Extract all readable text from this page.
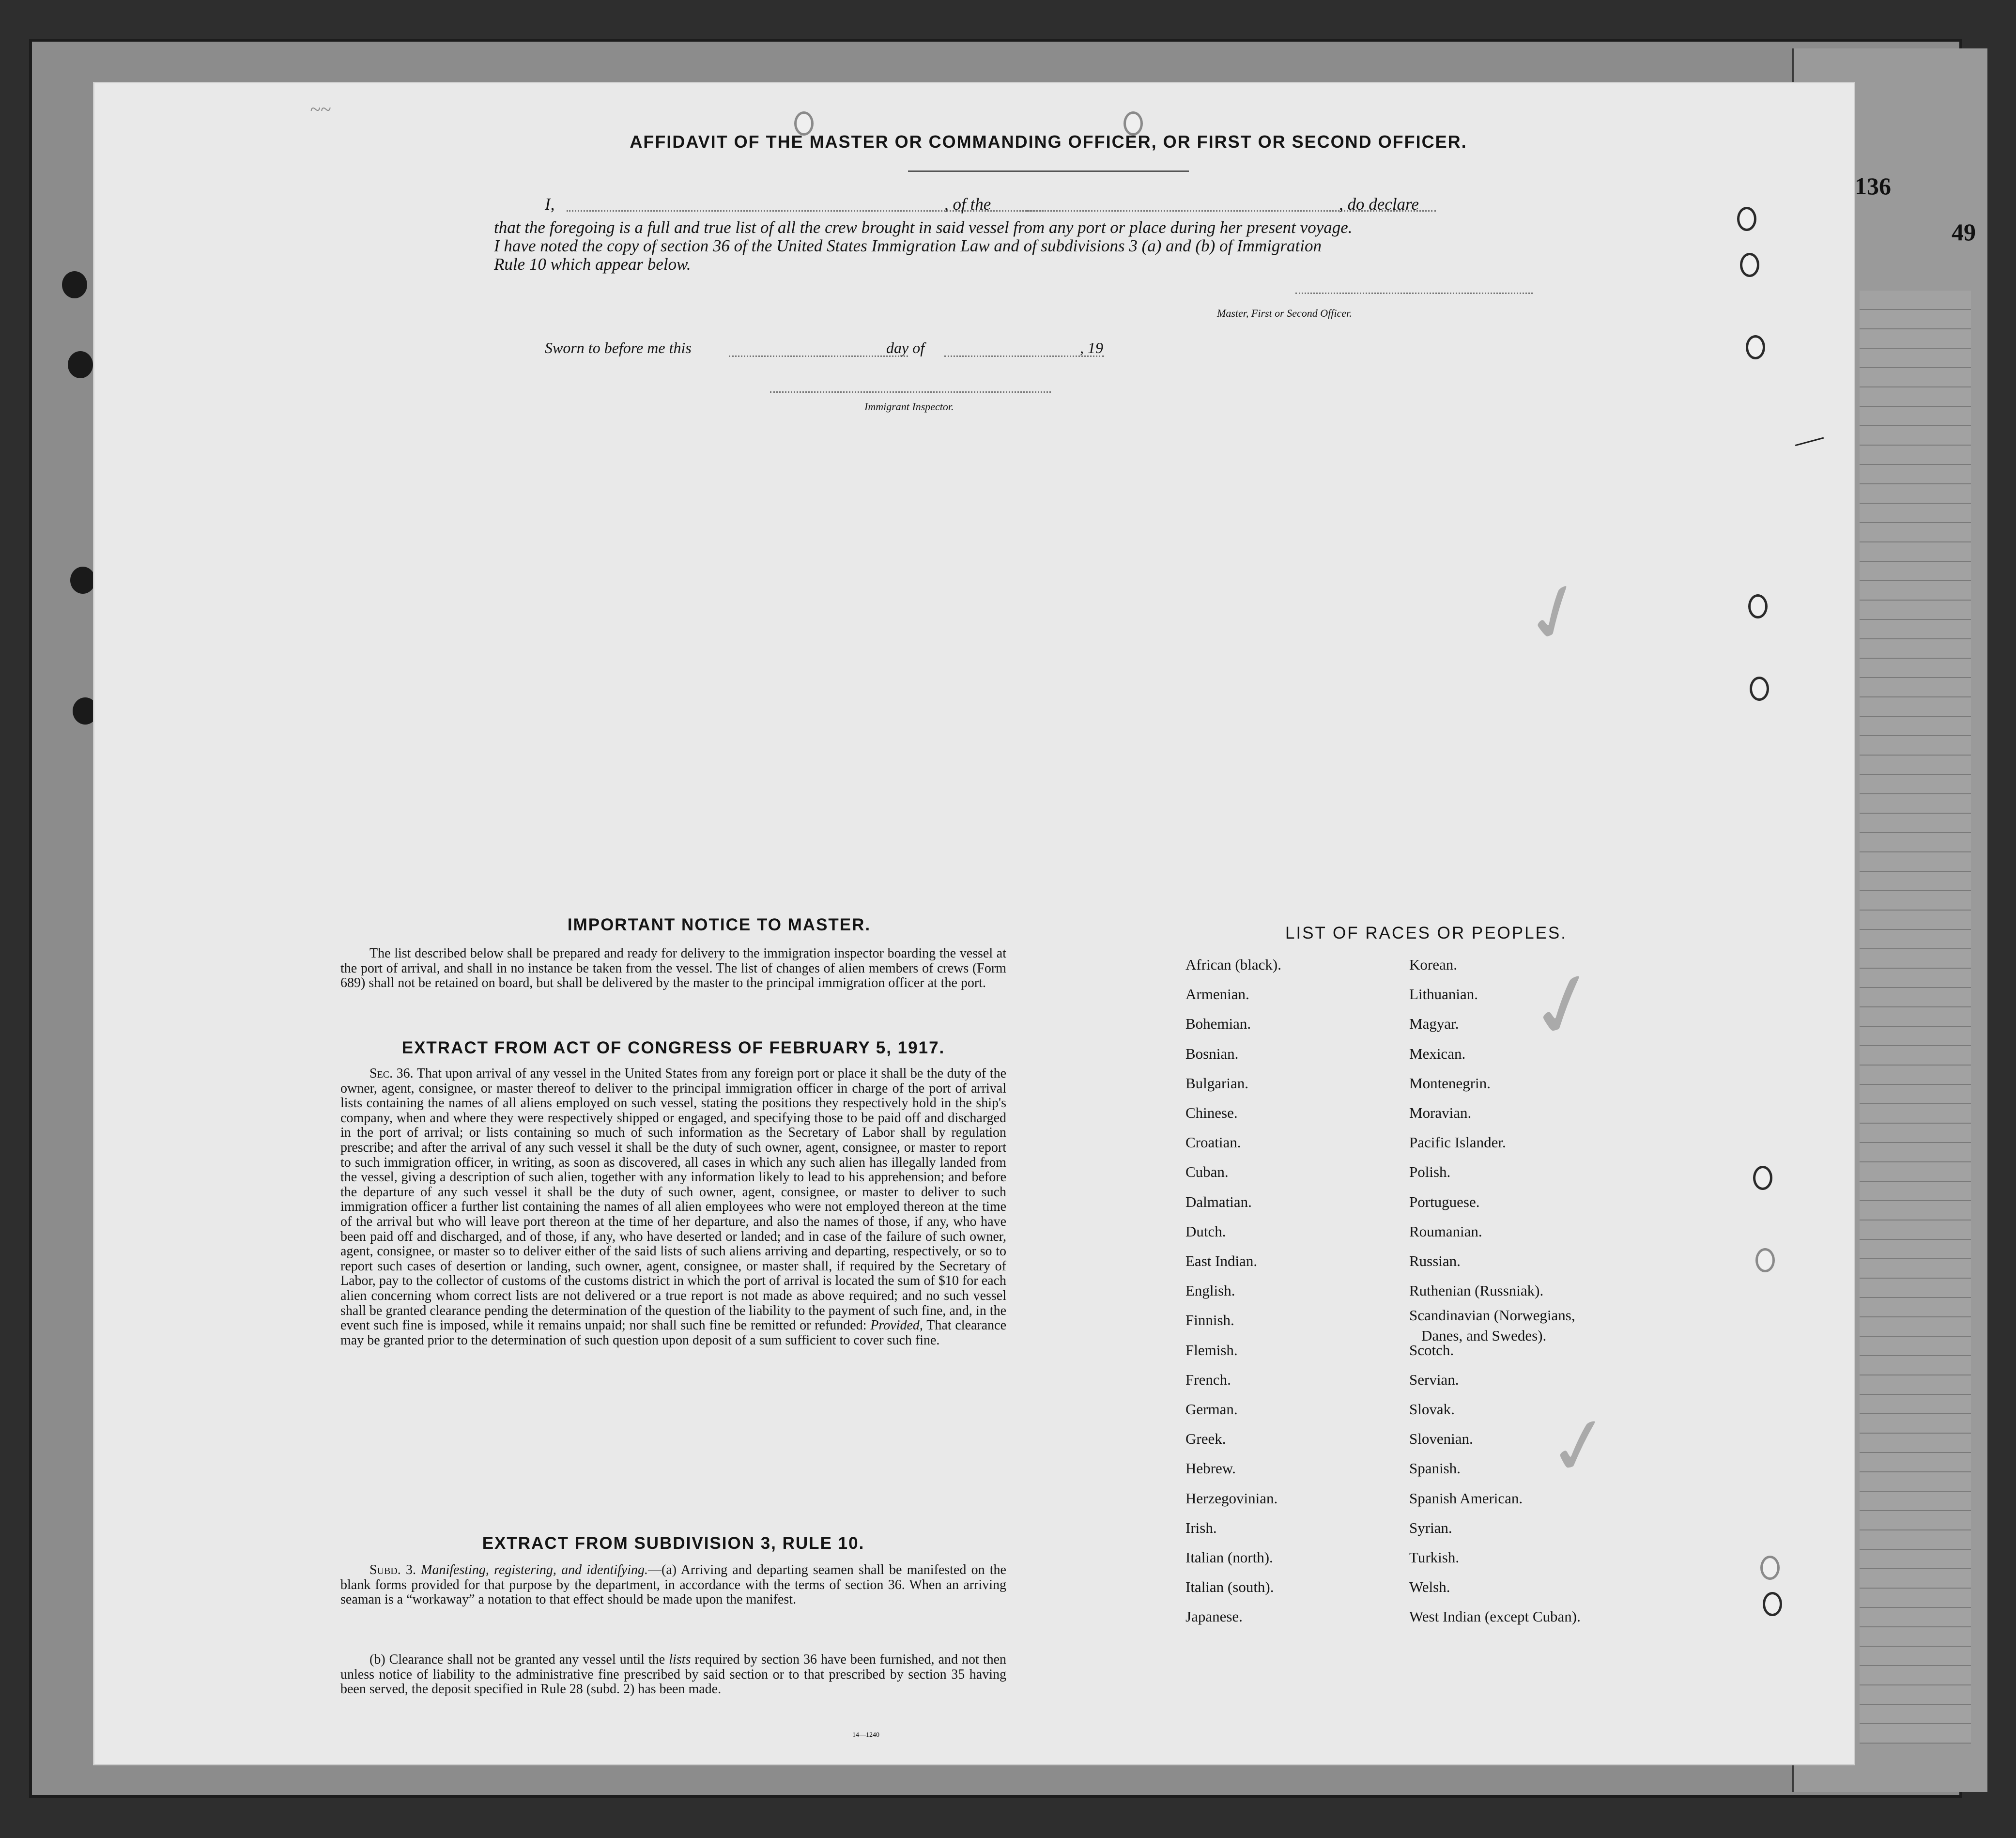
136
49
~~
✓
✓
✓
—
AFFIDAVIT OF THE MASTER OR COMMANDING OFFICER, OR FIRST OR SECOND OFFICER.
I,	, of the	, do declare
that the foregoing is a full and true list of all the crew brought in said vessel from any port or place during her present voyage.
I have noted the copy of section 36 of the United States Immigration Law and of subdivisions 3 (a) and (b) of Immigration
Rule 10 which appear below.
Master, First or Second Officer.
Sworn to before me this	day of	, 19
Immigrant Inspector.
IMPORTANT NOTICE TO MASTER.
The list described below shall be prepared and ready for delivery to the immigration inspector boarding the vessel at the port of arrival, and shall in no instance be taken from the vessel. The list of changes of alien members of crews (Form 689) shall not be retained on board, but shall be delivered by the master to the principal immigration officer at the port.
EXTRACT FROM ACT OF CONGRESS OF FEBRUARY 5, 1917.
Sec. 36. That upon arrival of any vessel in the United States from any foreign port or place it shall be the duty of the owner, agent, consignee, or master thereof to deliver to the principal immigration officer in charge of the port of arrival lists containing the names of all aliens employed on such vessel, stating the positions they respectively hold in the ship's company, when and where they were respectively shipped or engaged, and specifying those to be paid off and discharged in the port of arrival; or lists containing so much of such information as the Secretary of Labor shall by regulation prescribe; and after the arrival of any such vessel it shall be the duty of such owner, agent, consignee, or master to report to such immigration officer, in writing, as soon as discovered, all cases in which any such alien has illegally landed from the vessel, giving a description of such alien, together with any information likely to lead to his apprehension; and before the departure of any such vessel it shall be the duty of such owner, agent, consignee, or master to deliver to such immigration officer a further list containing the names of all alien employees who were not employed thereon at the time of the arrival but who will leave port thereon at the time of her departure, and also the names of those, if any, who have been paid off and discharged, and of those, if any, who have deserted or landed; and in case of the failure of such owner, agent, consignee, or master so to deliver either of the said lists of such aliens arriving and departing, respectively, or so to report such cases of desertion or landing, such owner, agent, consignee, or master shall, if required by the Secretary of Labor, pay to the collector of customs of the customs district in which the port of arrival is located the sum of $10 for each alien concerning whom correct lists are not delivered or a true report is not made as above required; and no such vessel shall be granted clearance pending the determination of the question of the liability to the payment of such fine, and, in the event such fine is imposed, while it remains unpaid; nor shall such fine be remitted or refunded: Provided, That clearance may be granted prior to the determination of such question upon deposit of a sum sufficient to cover such fine.
EXTRACT FROM SUBDIVISION 3, RULE 10.
Subd. 3. Manifesting, registering, and identifying.—(a) Arriving and departing seamen shall be manifested on the blank forms provided for that purpose by the department, in accordance with the terms of section 36. When an arriving seaman is a “workaway” a notation to that effect should be made upon the manifest.
(b) Clearance shall not be granted any vessel until the lists required by section 36 have been furnished, and not then unless notice of liability to the administrative fine prescribed by said section or to that prescribed by section 35 having been served, the deposit specified in Rule 28 (subd. 2) has been made.
14—1240
LIST OF RACES OR PEOPLES.
African (black).
Armenian.
Bohemian.
Bosnian.
Bulgarian.
Chinese.
Croatian.
Cuban.
Dalmatian.
Dutch.
East Indian.
English.
Finnish.
Flemish.
French.
German.
Greek.
Hebrew.
Herzegovinian.
Irish.
Italian (north).
Italian (south).
Japanese.
Korean.
Lithuanian.
Magyar.
Mexican.
Montenegrin.
Moravian.
Pacific Islander.
Polish.
Portuguese.
Roumanian.
Russian.
Ruthenian (Russniak).
Scandinavian (Norwegians,
Scotch.
Servian.
Slovak.
Slovenian.
Spanish.
Spanish American.
Syrian.
Turkish.
Welsh.
West Indian (except Cuban).
Danes, and Swedes).
